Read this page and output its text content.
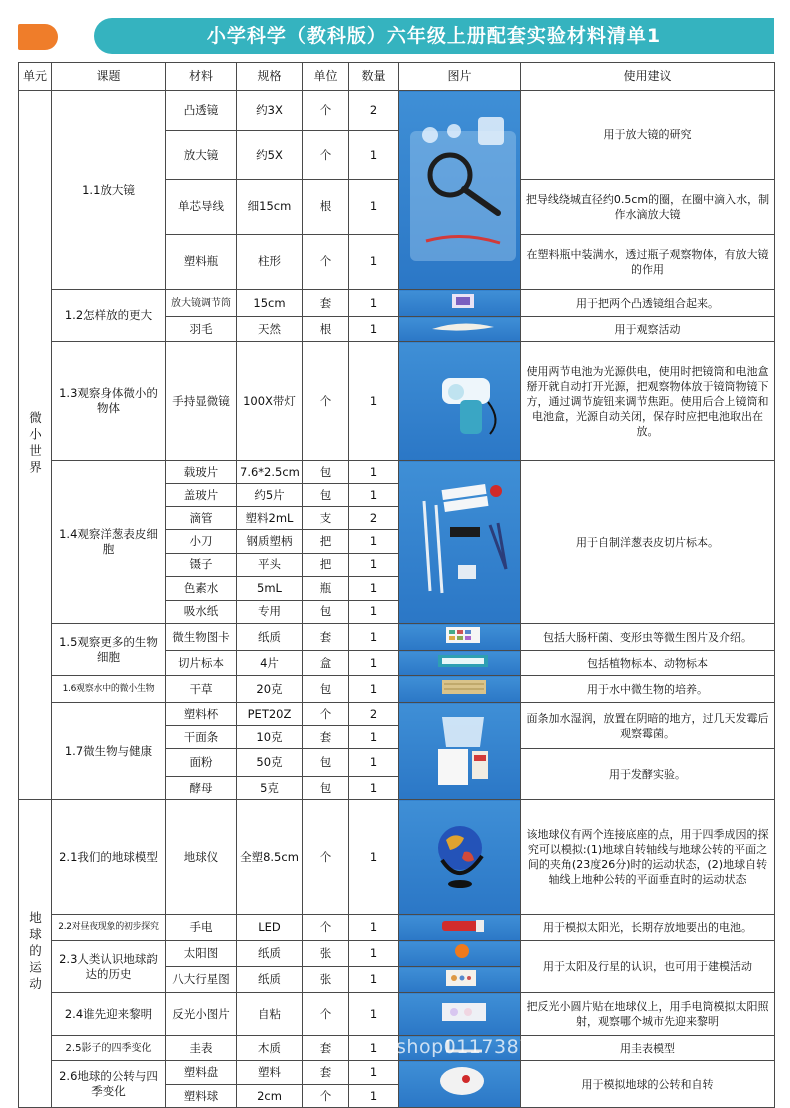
小学科学（教科版）六年级上册配套实验材料清单1
单元	课题	材料	规格	单位	数量	图片	使用建议
微小世界	1.1放大镜	凸透镜	约3X	个	2		用于放大镜的研究
		放大镜	约5X	个	1		
		单芯导线	细15cm	根	1		把导线绕城直径约0.5cm的圈，在圈中滴入水，制作水滴放大镜
		塑料瓶	柱形	个	1		在塑料瓶中装满水，透过瓶子观察物体，有放大镜的作用
	1.2怎样放的更大	放大镜调节筒	15cm	套	1		用于把两个凸透镜组合起来。
		羽毛	天然	根	1		用于观察活动
	1.3观察身体微小的物体	手持显微镜	100X带灯	个	1		使用两节电池为光源供电，使用时把镜筒和电池盒掰开就自动打开光源，把观察物体放于镜筒物镜下方，通过调节旋钮来调节焦距。使用后合上镜筒和电池盒，光源自动关闭，保存时应把电池取出在放。
	1.4观察洋葱表皮细胞	载玻片	7.6*2.5cm	包	1		用于自制洋葱表皮切片标本。
		盖玻片	约5片	包	1		
		滴管	塑料2mL	支	2		
		小刀	钢质塑柄	把	1		
		镊子	平头	把	1		
		色素水	5mL	瓶	1		
		吸水纸	专用	包	1		
	1.5观察更多的生物细胞	微生物图卡	纸质	套	1		包括大肠杆菌、变形虫等微生图片及介绍。
		切片标本	4片	盒	1		包括植物标本、动物标本
	1.6观察水中的微小生物	干草	20克	包	1		用于水中微生物的培养。
	1.7微生物与健康	塑料杯	PET20Z	个	2		面条加水湿润，放置在阴暗的地方，过几天发霉后观察霉菌。
		干面条	10克	套	1		
		面粉	50克	包	1		用于发酵实验。
		酵母	5克	包	1		
地球的运动	2.1我们的地球模型	地球仪	全塑8.5cm	个	1		该地球仪有两个连接底座的点，用于四季成因的探究可以模拟:(1)地球自转轴线与地球公转的平面之间的夹角(23度26分)时的运动状态，(2)地球自转轴线上地种公转的平面垂直时的运动状态
	2.2对昼夜现象的初步探究	手电	LED	个	1		用于模拟太阳光，长期存放地要出的电池。
	2.3人类认识地球韵达的历史	太阳图	纸质	张	1		用于太阳及行星的认识，也可用于建模活动
		八大行星图	纸质	张	1	
	2.4谁先迎来黎明	反光小图片	自粘	个	1		把反光小圆片贴在地球仪上，用手电筒模拟太阳照射，观察哪个城市先迎来黎明
	2.5影子的四季变化	圭表	木质	套	1		用圭表模型
	2.6地球的公转与四季变化	塑料盘	塑料	套	1		用于模拟地球的公转和自转
		塑料球	2cm	个	1		
shop01173877...
